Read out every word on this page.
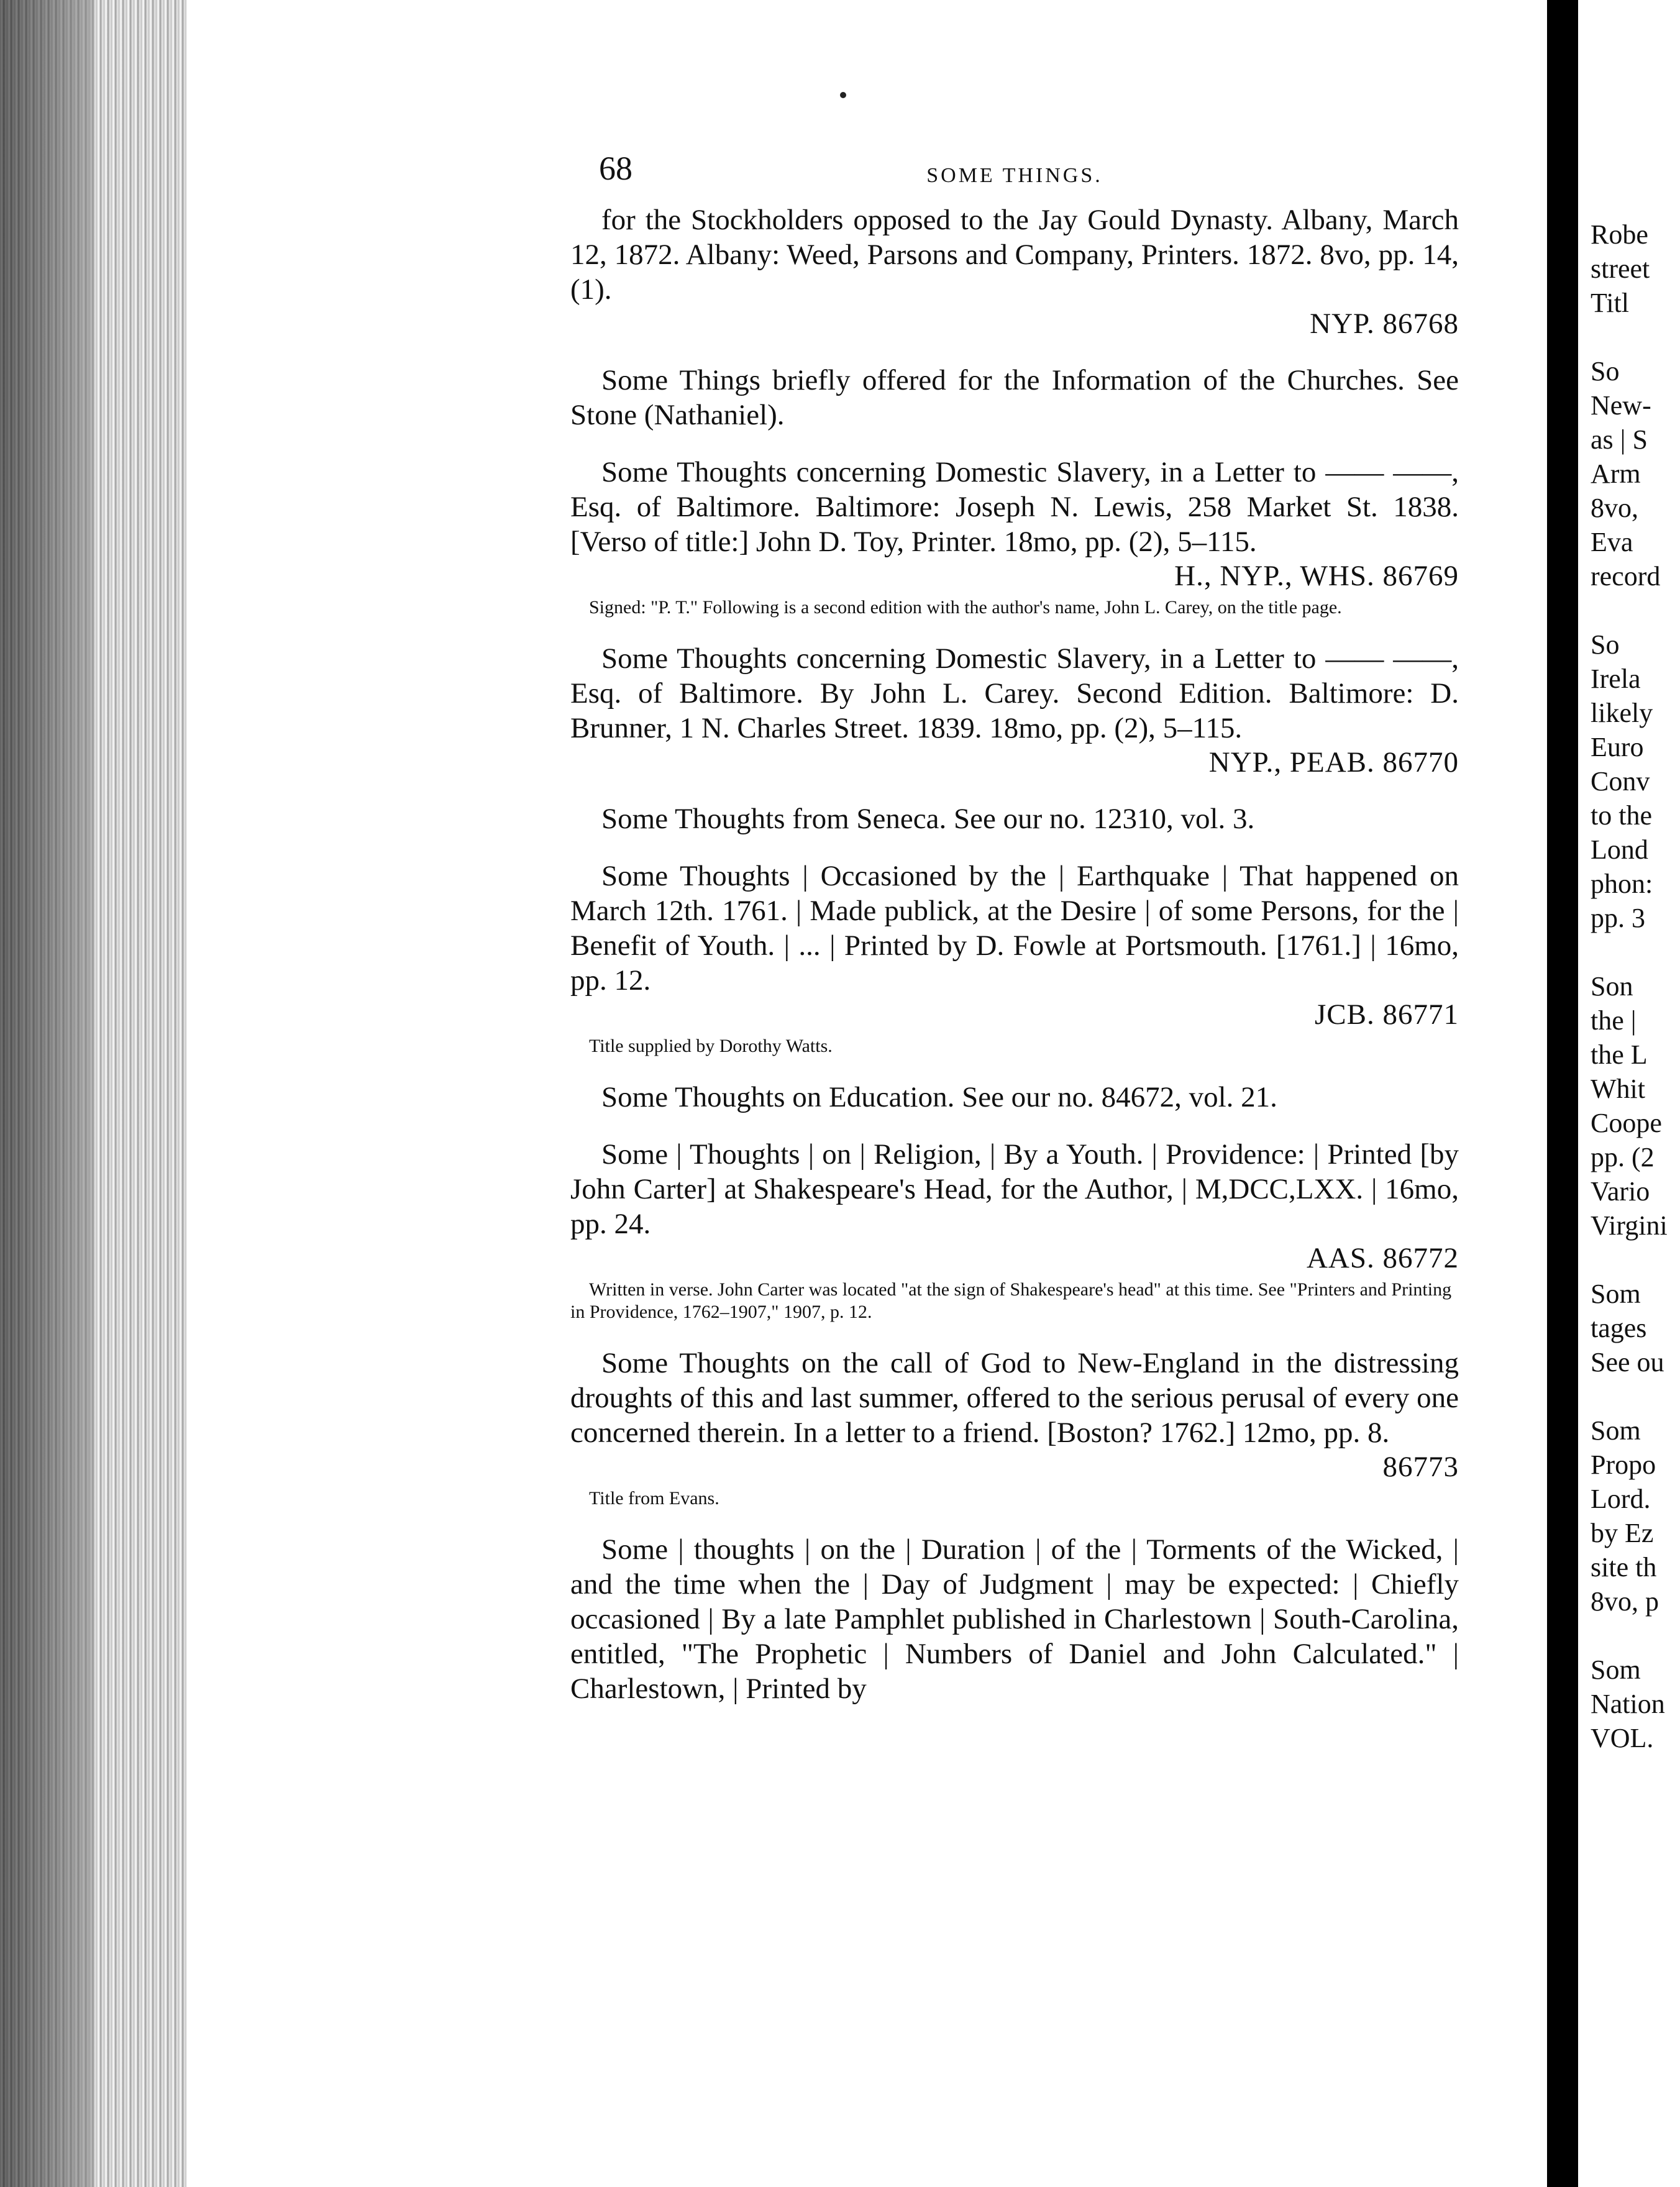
68	SOME THINGS.
for the Stockholders opposed to the Jay Gould Dynasty. Albany, March 12, 1872. Albany: Weed, Parsons and Company, Printers. 1872. 8vo, pp. 14, (1).
NYP. 86768
Some Things briefly offered for the Information of the Churches. See Stone (Nathaniel).
Some Thoughts concerning Domestic Slavery, in a Letter to —— ——, Esq. of Baltimore. Baltimore: Joseph N. Lewis, 258 Market St. 1838. [Verso of title:] John D. Toy, Printer. 18mo, pp. (2), 5–115.
H., NYP., WHS. 86769
Signed: "P. T." Following is a second edition with the author's name, John L. Carey, on the title page.
Some Thoughts concerning Domestic Slavery, in a Letter to —— ——, Esq. of Baltimore. By John L. Carey. Second Edition. Baltimore: D. Brunner, 1 N. Charles Street. 1839. 18mo, pp. (2), 5–115.
NYP., PEAB. 86770
Some Thoughts from Seneca. See our no. 12310, vol. 3.
Some Thoughts | Occasioned by the | Earthquake | That happened on March 12th. 1761. | Made publick, at the Desire | of some Persons, for the | Benefit of Youth. | ... | Printed by D. Fowle at Portsmouth. [1761.] | 16mo, pp. 12.
JCB. 86771
Title supplied by Dorothy Watts.
Some Thoughts on Education. See our no. 84672, vol. 21.
Some | Thoughts | on | Religion, | By a Youth. | Providence: | Printed [by John Carter] at Shakespeare's Head, for the Author, | M,DCC,LXX. | 16mo, pp. 24.
AAS. 86772
Written in verse. John Carter was located "at the sign of Shakespeare's head" at this time. See "Printers and Printing in Providence, 1762–1907," 1907, p. 12.
Some Thoughts on the call of God to New-England in the distressing droughts of this and last summer, offered to the serious perusal of every one concerned therein. In a letter to a friend. [Boston? 1762.] 12mo, pp. 8.
86773
Title from Evans.
Some | thoughts | on the | Duration | of the | Torments of the Wicked, | and the time when the | Day of Judgment | may be expected: | Chiefly occasioned | By a late Pamphlet published in Charlestown | South-Carolina, entitled, "The Prophetic | Numbers of Daniel and John Calculated." | Charlestown, | Printed by
Robe
street
Titl

So
New-
as | S
Arm
8vo,
Eva
record

So
Irela
likely
Euro
Conv
to the
Lond
phon:
pp. 3

Son
the |
the L
Whit
Coope
pp. (2
Vario
Virgini

Som
tages
See ou

Som
Propo
Lord.
by Ez
site th
8vo, p

Som
Nation
VOL.
